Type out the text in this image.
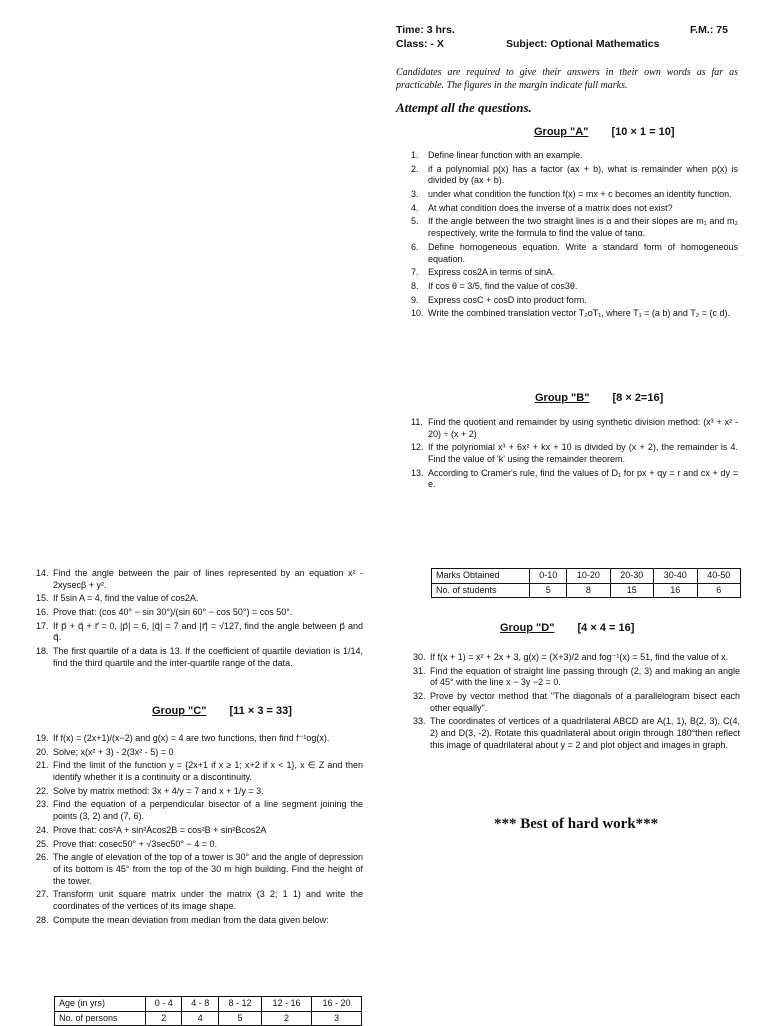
Time: 3 hrs.	F.M.: 75
Class: - X	Subject: Optional Mathematics
Candidates are required to give their answers in their own words as far as practicable. The figures in the margin indicate full marks.
Attempt all the questions.
Group "A" [10 × 1 = 10]
1. Define linear function with an example.
2. if a polynomial p(x) has a factor (ax + b), what is remainder when p(x) is divided by (ax + b).
3. under what condition the function f(x) = mx + c becomes an identity function.
4. At what condition does the inverse of a matrix does not exist?
5. If the angle between the two straight lines is α and their slopes are m₁ and m₂ respectively, write the formula to find the value of tanα.
6. Define homogeneous equation. Write a standard form of homogeneous equation.
7. Express cos2A in terms of sinA.
8. If cos θ = 3/5, find the value of cos3θ.
9. Express cosC + cosD into product form.
10. Write the combined translation vector T₂oT₁, where T₁ = (a b) and T₂ = (c d).
Group "B" [8 × 2=16]
11. Find the quotient and remainder by using synthetic division method: (x³ + x² - 20) ÷ (x + 2)
12. If the polynomial x³ + 6x² + kx + 10 is divided by (x + 2), the remainder is 4. Find the value of 'k' using the remainder theorem.
13. According to Cramer's rule, find the values of D₁ for px + qy = r and cx + dy = e.
14. Find the angle between the pair of lines represented by an equation x² - 2xysecβ + y².
15. If 5sin A = 4, find the value of cos2A.
16. Prove that: (cos 40° − sin 30°)/(sin 60° − cos 50°) = cos 50°.
17. If p⃗ + q⃗ + r⃗ = 0, |p⃗| = 6, |q⃗| = 7 and |r⃗| = √127, find the angle between p⃗ and q⃗.
18. The first quartile of a data is 13. If the coefficient of quartile deviation is 1/14, find the third quartile and the inter-quartile range of the data.
Group "C" [11 × 3 = 33]
19. If f(x) = (2x+1)/(x−2) and g(x) = 4 are two functions, then find f⁻¹og(x).
20. Solve; x(x² + 3) - 2(3x² - 5) = 0
21. Find the limit of the function y = {2x+1 if x ≥ 1; x+2 if x < 1}, x ∈ Z and then identify whether it is a continuity or a discontinuity.
22. Solve by matrix method: 3x + 4/y = 7 and x + 1/y = 3.
23. Find the equation of a perpendicular bisector of a line segment joining the points (3, 2) and (7, 6).
24. Prove that: cos²A + sin²Acos2B = cos²B + sin²Bcos2A
25. Prove that: cosec50° + √3sec50° − 4 = 0.
26. The angle of elevation of the top of a tower is 30° and the angle of depression of its bottom is 45° from the top of the 30 m high building. Find the height of the tower.
27. Transform unit square matrix under the matrix (3 2; 1 1) and write the coordinates of the vertices of its image shape.
28. Compute the mean deviation from median from the data given below:
Age (in yrs)	0 - 4	4 - 8	8 - 12	12 - 16	16 - 20
No. of persons	2	4	5	2	3
Marks Obtained	0-10	10-20	20-30	30-40	40-50
No. of students	5	8	15	16	6
Group "D" [4 × 4 = 16]
30. If f(x + 1) = x² + 2x + 3, g(x) = (X+3)/2 and fog⁻¹(x) = 51, find the value of x.
31. Find the equation of straight line passing through (2, 3) and making an angle of 45° with the line x − 3y −2 = 0.
32. Prove by vector method that "The diagonals of a parallelogram bisect each other equally".
33. The coordinates of vertices of a quadrilateral ABCD are A(1, 1), B(2, 3), C(4, 2) and D(3, -2). Rotate this quadrilateral about origin through 180°then reflect this image of quadrilateral about y = 2 and plot object and images in graph.
*** Best of hard work***
